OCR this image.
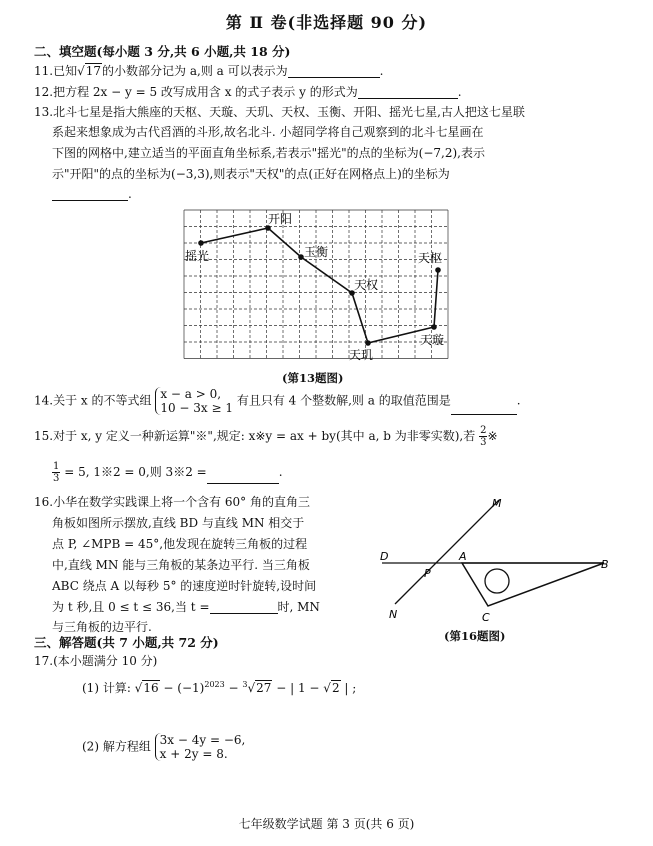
第 Ⅱ 卷(非选择题 90 分)
二、填空题(每小题 3 分,共 6 小题,共 18 分)
11.已知√17的小数部分记为 a,则 a 可以表示为	.
12.把方程 2x − y = 5 改写成用含 x 的式子表示 y 的形式为	.
13.北斗七星是指大熊座的天枢、天璇、天玑、天权、玉衡、开阳、摇光七星,古人把这七星联
系起来想象成为古代舀酒的斗形,故名北斗. 小超同学将自己观察到的北斗七星画在
下图的网格中,建立适当的平面直角坐标系,若表示"摇光"的点的坐标为(−7,2),表示
示"开阳"的点的坐标为(−3,3),则表示"天权"的点(正好在网格点上)的坐标为
.
摇光
开阳
玉衡
天权
天玑
天璇
天枢
(第13题图)
14.关于 x 的不等式组 x − a > 0,
10 − 3x ≥ 1
有且只有 4 个整数解,则 a 的取值范围是	.
15.对于 x, y 定义一种新运算"※",规定: x※y = ax + by(其中 a, b 为非零实数),若 $\frac{2}{3}$ ※
$\frac{1}{3} = 5$, 1※2 = 0,则 3※2 =	.
16.小华在数学实践课上将一个含有 60° 角的直角三
角板如图所示摆放,直线 BD 与直线 MN 相交于
点 P, ∠MPB = 45°,他发现在旋转三角板的过程
中,直线 MN 能与三角板的某条边平行. 当三角板
ABC 绕点 A 以每秒 5° 的速度逆时针旋转,设时间
为 t 秒,且 0 ≤ t ≤ 36,当 t =	时, MN
与三角板的边平行.
M
N
D
P
A
B
C
(第16题图)
三、解答题(共 7 小题,共 72 分)
17.(本小题满分 10 分)
(1) 计算: $√16 - (-1)^{2023} - ^3√27$ − | 1 − √2 | ;
(2) 解方程组 3x − 4y = −6,
x + 2y = 8.
七年级数学试题 第 3 页(共 6 页)
